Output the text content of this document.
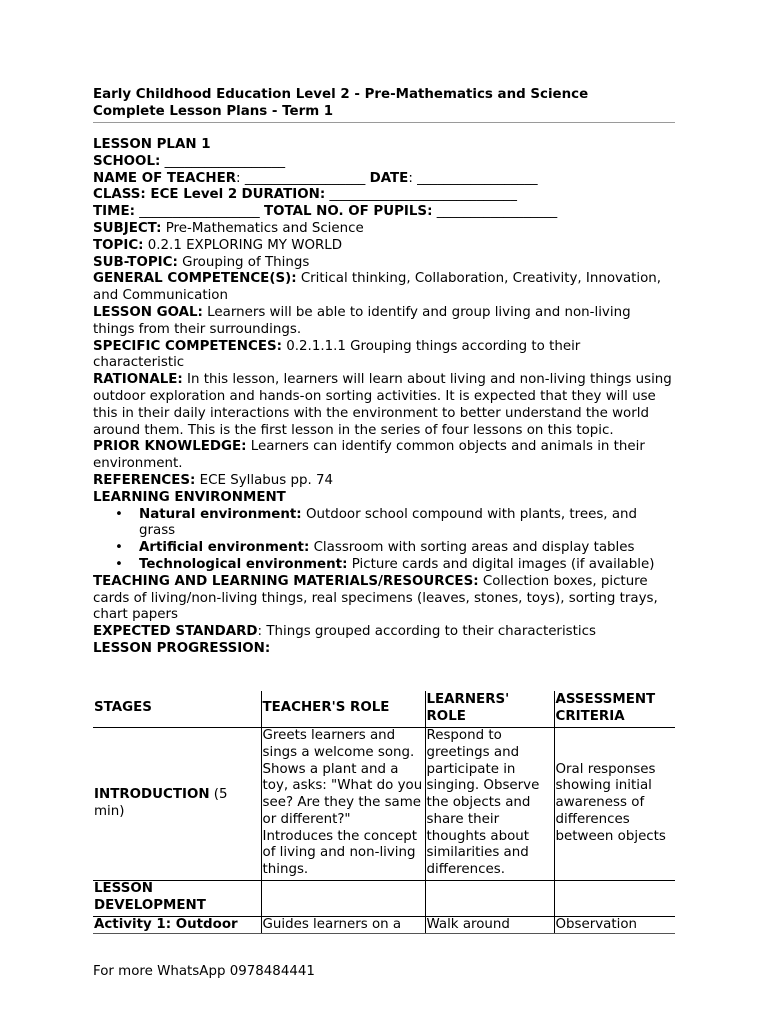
Early Childhood Education Level 2 - Pre-Mathematics and Science
Complete Lesson Plans - Term 1

LESSON PLAN 1

SCHOOL: __________________

NAME OF TEACHER: __________________ DATE: __________________

CLASS: ECE Level 2 DURATION: ____________________________

TIME: __________________ TOTAL NO. OF PUPILS: __________________

SUBJECT: Pre-Mathematics and Science

TOPIC: 0.2.1 EXPLORING MY WORLD

SUB-TOPIC: Grouping of Things

GENERAL COMPETENCE(S): Critical thinking, Collaboration, Creativity, Innovation, and Communication

LESSON GOAL: Learners will be able to identify and group living and non-living things from their surroundings.

SPECIFIC COMPETENCES: 0.2.1.1.1 Grouping things according to their characteristic

RATIONALE: In this lesson, learners will learn about living and non-living things using outdoor exploration and hands-on sorting activities. It is expected that they will use this in their daily interactions with the environment to better understand the world around them. This is the first lesson in the series of four lessons on this topic.

PRIOR KNOWLEDGE: Learners can identify common objects and animals in their environment.

REFERENCES: ECE Syllabus pp. 74

LEARNING ENVIRONMENT

• Natural environment: Outdoor school compound with plants, trees, and grass
• Artificial environment: Classroom with sorting areas and display tables
• Technological environment: Picture cards and digital images (if available)

TEACHING AND LEARNING MATERIALS/RESOURCES: Collection boxes, picture cards of living/non-living things, real specimens (leaves, stones, toys), sorting trays, chart papers

EXPECTED STANDARD: Things grouped according to their characteristics

LESSON PROGRESSION:

STAGES	TEACHER'S ROLE	LEARNERS' ROLE	ASSESSMENT CRITERIA
INTRODUCTION (5 min)	Greets learners and sings a welcome song. Shows a plant and a toy, asks: "What do you see? Are they the same or different?" Introduces the concept of living and non-living things.	Respond to greetings and participate in singing. Observe the objects and share their thoughts about similarities and differences.	Oral responses showing initial awareness of differences between objects
LESSON DEVELOPMENT			
Activity 1: Outdoor	Guides learners on a	Walk around	Observation
For more WhatsApp 0978484441
